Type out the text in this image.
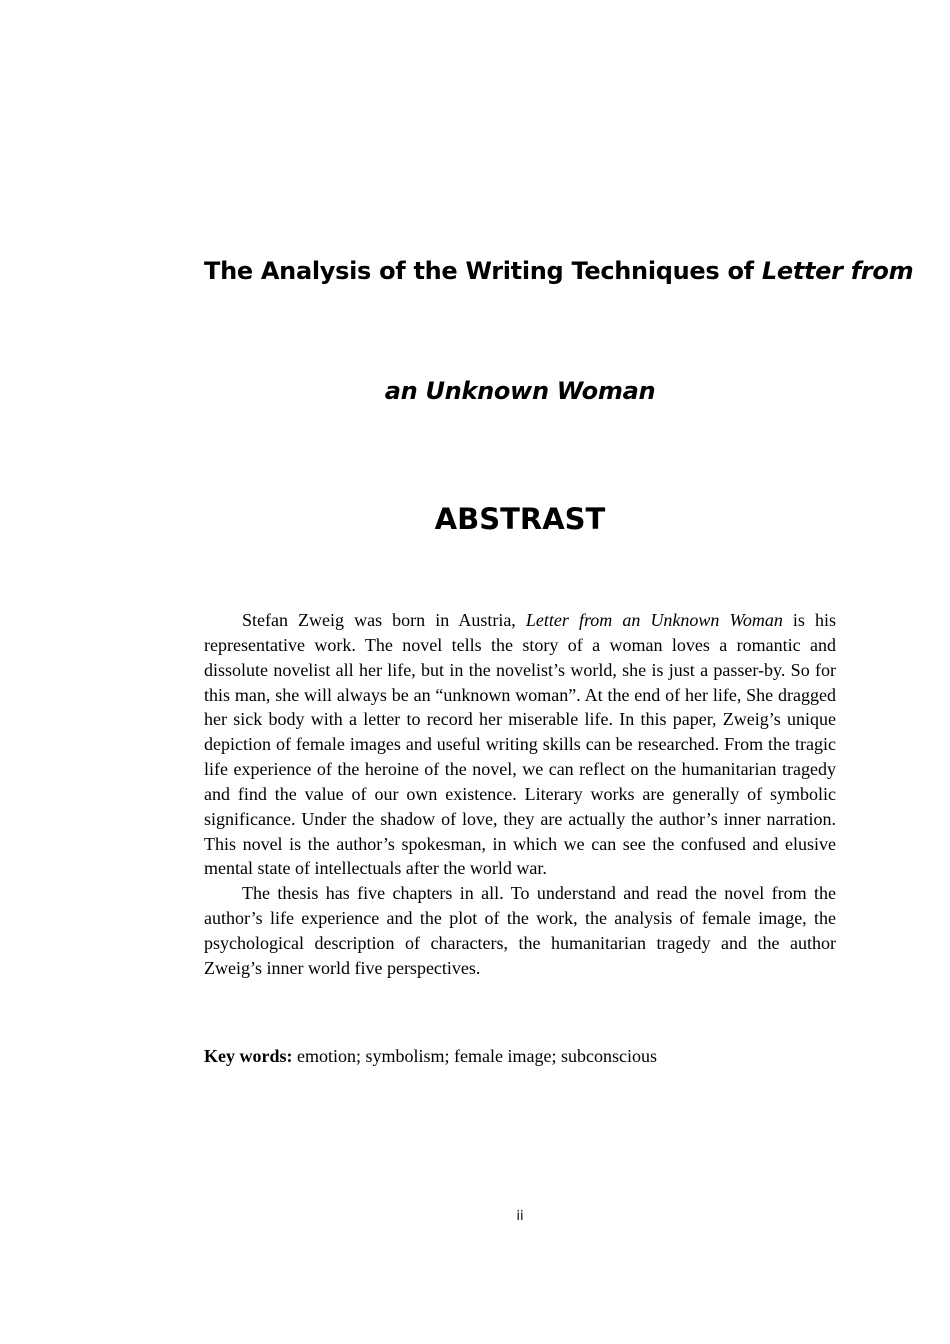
The Analysis of the Writing Techniques of Letter from
an Unknown Woman
ABSTRAST

Stefan Zweig was born in Austria, Letter from an Unknown Woman is his representative work. The novel tells the story of a woman loves a romantic and dissolute novelist all her life, but in the novelist’s world, she is just a passer-by. So for this man, she will always be an “unknown woman”. At the end of her life, She dragged her sick body with a letter to record her miserable life. In this paper, Zweig’s unique depiction of female images and useful writing skills can be researched. From the tragic life experience of the heroine of the novel, we can reflect on the humanitarian tragedy and find the value of our own existence. Literary works are generally of symbolic significance. Under the shadow of love, they are actually the author’s inner narration. This novel is the author’s spokesman, in which we can see the confused and elusive mental state of intellectuals after the world war.

The thesis has five chapters in all. To understand and read the novel from the author’s life experience and the plot of the work, the analysis of female image, the psychological description of characters, the humanitarian tragedy and the author Zweig’s inner world five perspectives.

Key words: emotion; symbolism; female image; subconscious
ii
